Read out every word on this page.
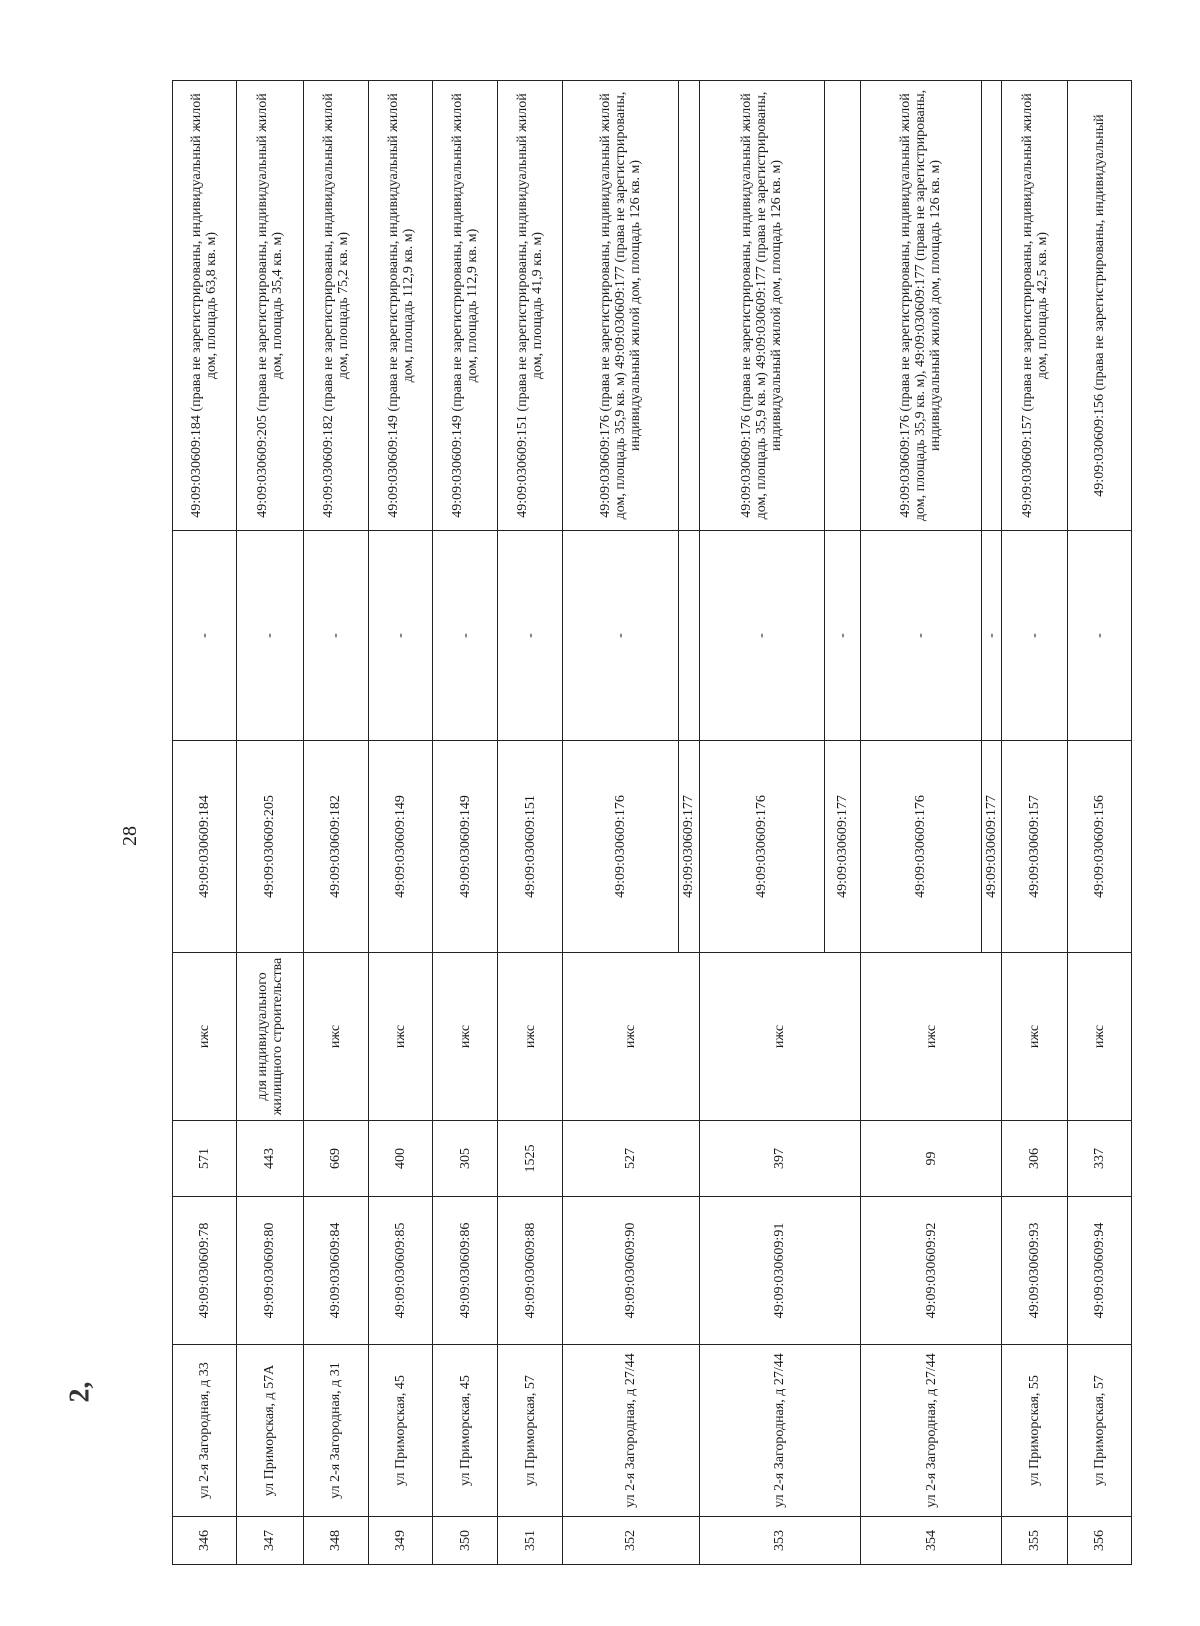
28
2,
346	ул 2-я Загородная, д 33	49:09:030609:78	571	ижс	49:09:030609:184	-	49:09:030609:184 (права не зарегистрированы, индивидуальный жилой дом, площадь 63,8 кв. м)
347	ул Приморская, д 57А	49:09:030609:80	443	для индивидуального жилищного строительства	49:09:030609:205	-	49:09:030609:205 (права не зарегистрированы, индивидуальный жилой дом, площадь 35,4 кв. м)
348	ул 2-я Загородная, д 31	49:09:030609:84	669	ижс	49:09:030609:182	-	49:09:030609:182 (права не зарегистрированы, индивидуальный жилой дом, площадь 75,2 кв. м)
349	ул Приморская, 45	49:09:030609:85	400	ижс	49:09:030609:149	-	49:09:030609:149 (права не зарегистрированы, индивидуальный жилой дом, площадь 112,9 кв. м)
350	ул Приморская, 45	49:09:030609:86	305	ижс	49:09:030609:149	-	49:09:030609:149 (права не зарегистрированы, индивидуальный жилой дом, площадь 112,9 кв. м)
351	ул Приморская, 57	49:09:030609:88	1525	ижс	49:09:030609:151	-	49:09:030609:151 (права не зарегистрированы, индивидуальный жилой дом, площадь 41,9 кв. м)
352	ул 2-я Загородная, д 27/44	49:09:030609:90	527	ижс	49:09:030609:176	-	49:09:030609:176 (права не зарегистрированы, индивидуальный жилой дом, площадь 35,9 кв. м) 49:09:030609:177 (права не зарегистрированы, индивидуальный жилой дом, площадь 126 кв. м)
					49:09:030609:177		
353	ул 2-я Загородная, д 27/44	49:09:030609:91	397	ижс	49:09:030609:176	-	49:09:030609:176 (права не зарегистрированы, индивидуальный жилой дом, площадь 35,9 кв. м) 49:09:030609:177 (права не зарегистрированы, индивидуальный жилой дом, площадь 126 кв. м)
					49:09:030609:177	-	
354	ул 2-я Загородная, д 27/44	49:09:030609:92	99	ижс	49:09:030609:176	-	49:09:030609:176 (права не зарегистрированы, индивидуальный жилой дом, площадь 35,9 кв. м), 49:09:030609:177 (права не зарегистрированы, индивидуальный жилой дом, площадь 126 кв. м)
					49:09:030609:177	-	
355	ул Приморская, 55	49:09:030609:93	306	ижс	49:09:030609:157	-	49:09:030609:157 (права не зарегистрированы, индивидуальный жилой дом, площадь 42,5 кв. м)
356	ул Приморская, 57	49:09:030609:94	337	ижс	49:09:030609:156	-	49:09:030609:156 (права не зарегистрированы, индивидуальный
